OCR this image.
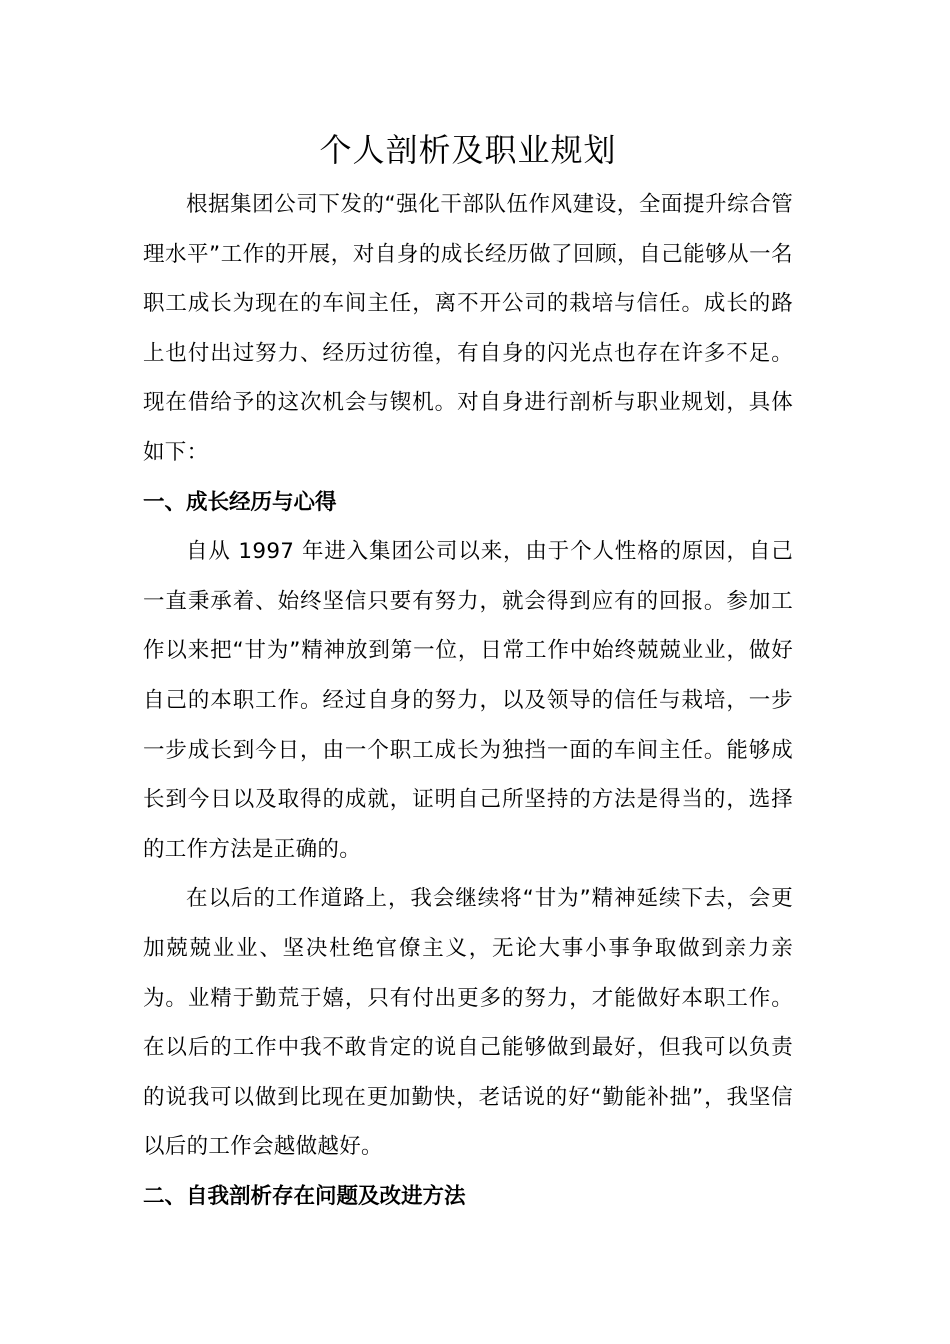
个人剖析及职业规划

根据集团公司下发的“强化干部队伍作风建设，全面提升综合管理水平”工作的开展，对自身的成长经历做了回顾，自己能够从一名职工成长为现在的车间主任，离不开公司的栽培与信任。成长的路上也付出过努力、经历过彷徨，有自身的闪光点也存在许多不足。现在借给予的这次机会与锲机。对自身进行剖析与职业规划，具体如下：

一、成长经历与心得

自从 1997 年进入集团公司以来，由于个人性格的原因，自己一直秉承着、始终坚信只要有努力，就会得到应有的回报。参加工作以来把“甘为”精神放到第一位，日常工作中始终兢兢业业，做好自己的本职工作。经过自身的努力，以及领导的信任与栽培，一步一步成长到今日，由一个职工成长为独挡一面的车间主任。能够成长到今日以及取得的成就，证明自己所坚持的方法是得当的，选择的工作方法是正确的。

在以后的工作道路上，我会继续将“甘为”精神延续下去，会更加兢兢业业、坚决杜绝官僚主义，无论大事小事争取做到亲力亲为。业精于勤荒于嬉，只有付出更多的努力，才能做好本职工作。在以后的工作中我不敢肯定的说自己能够做到最好，但我可以负责的说我可以做到比现在更加勤快，老话说的好“勤能补拙”，我坚信以后的工作会越做越好。

二、自我剖析存在问题及改进方法
